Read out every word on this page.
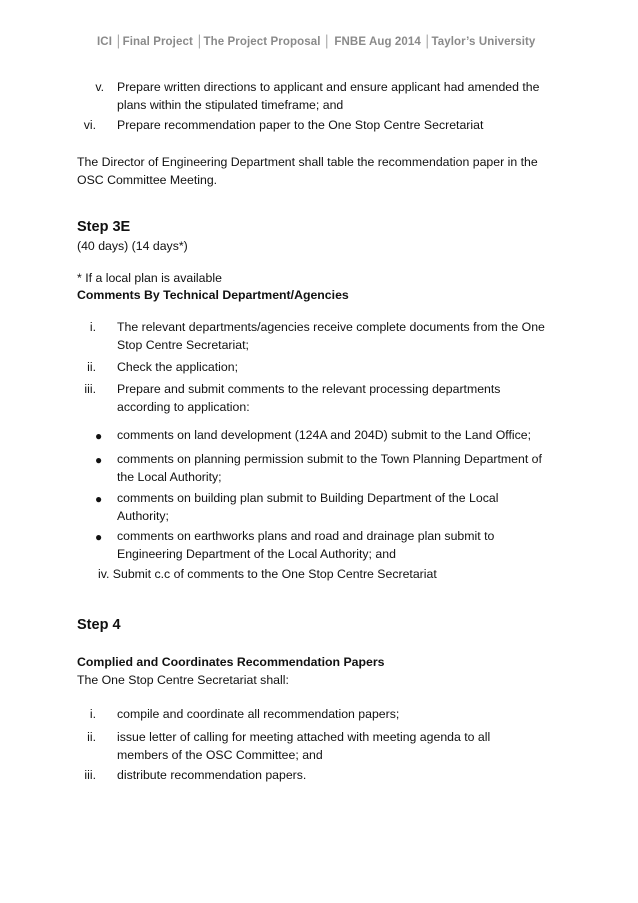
ICI │Final Project │The Project Proposal │ FNBE Aug 2014 │Taylor’s University
v. Prepare written directions to applicant and ensure applicant had amended the plans within the stipulated timeframe; and
vi. Prepare recommendation paper to the One Stop Centre Secretariat
The Director of Engineering Department shall table the recommendation paper in the OSC Committee Meeting.
Step 3E
(40 days) (14 days*)
* If a local plan is available
Comments By Technical Department/Agencies
i. The relevant departments/agencies receive complete documents from the One Stop Centre Secretariat;
ii. Check the application;
iii. Prepare and submit comments to the relevant processing departments according to application:
● comments on land development (124A and 204D) submit to the Land Office;
● comments on planning permission submit to the Town Planning Department of the Local Authority;
● comments on building plan submit to Building Department of the Local Authority;
● comments on earthworks plans and road and drainage plan submit to Engineering Department of the Local Authority; and
iv. Submit c.c of comments to the One Stop Centre Secretariat
Step 4
Complied and Coordinates Recommendation Papers
The One Stop Centre Secretariat shall:
i. compile and coordinate all recommendation papers;
ii. issue letter of calling for meeting attached with meeting agenda to all members of the OSC Committee; and
iii. distribute recommendation papers.
